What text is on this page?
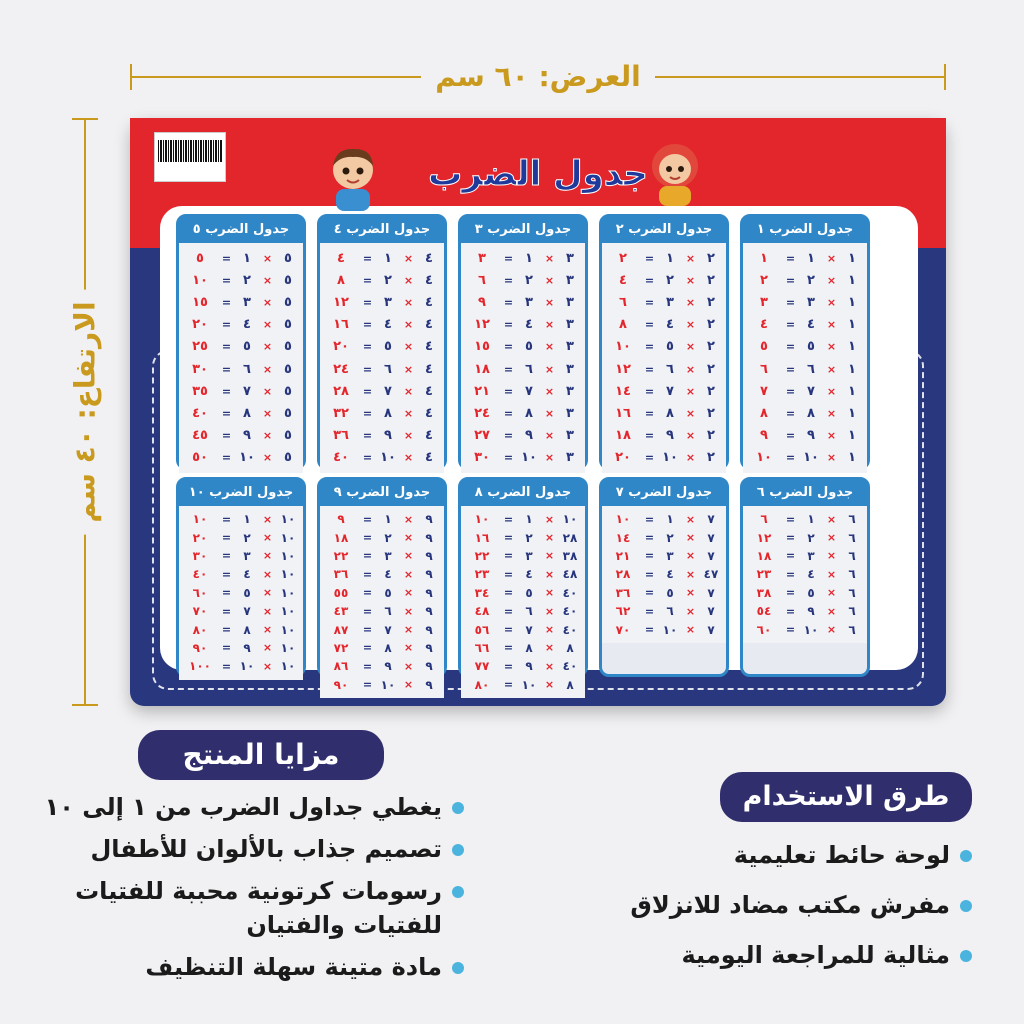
العرض: ٦٠ سم
الارتفاع: ٤٠ سم
جدول الضرب
جدول الضرب ١
١
×
١
=
١
١
×
٢
=
٢
١
×
٣
=
٣
١
×
٤
=
٤
١
×
٥
=
٥
١
×
٦
=
٦
١
×
٧
=
٧
١
×
٨
=
٨
١
×
٩
=
٩
١
×
١٠
=
١٠
جدول الضرب ٢
٢
×
١
=
٢
٢
×
٢
=
٤
٢
×
٣
=
٦
٢
×
٤
=
٨
٢
×
٥
=
١٠
٢
×
٦
=
١٢
٢
×
٧
=
١٤
٢
×
٨
=
١٦
٢
×
٩
=
١٨
٢
×
١٠
=
٢٠
جدول الضرب ٣
٣
×
١
=
٣
٣
×
٢
=
٦
٣
×
٣
=
٩
٣
×
٤
=
١٢
٣
×
٥
=
١٥
٣
×
٦
=
١٨
٣
×
٧
=
٢١
٣
×
٨
=
٢٤
٣
×
٩
=
٢٧
٣
×
١٠
=
٣٠
جدول الضرب ٤
٤
×
١
=
٤
٤
×
٢
=
٨
٤
×
٣
=
١٢
٤
×
٤
=
١٦
٤
×
٥
=
٢٠
٤
×
٦
=
٢٤
٤
×
٧
=
٢٨
٤
×
٨
=
٣٢
٤
×
٩
=
٣٦
٤
×
١٠
=
٤٠
جدول الضرب ٥
٥
×
١
=
٥
٥
×
٢
=
١٠
٥
×
٣
=
١٥
٥
×
٤
=
٢٠
٥
×
٥
=
٢٥
٥
×
٦
=
٣٠
٥
×
٧
=
٣٥
٥
×
٨
=
٤٠
٥
×
٩
=
٤٥
٥
×
١٠
=
٥٠
جدول الضرب ٦
٦
×
١
=
٦
٦
×
٢
=
١٢
٦
×
٣
=
١٨
٦
×
٤
=
٢٣
٦
×
٥
=
٣٨
٦
×
٩
=
٥٤
٦
×
١٠
=
٦٠
جدول الضرب ٧
٧
×
١
=
١٠
٧
×
٢
=
١٤
٧
×
٣
=
٢١
٤٧
×
٤
=
٢٨
٧
×
٥
=
٣٦
٧
×
٦
=
٦٢
٧
×
١٠
=
٧٠
جدول الضرب ٨
١٠
×
١
=
١٠
٢٨
×
٢
=
١٦
٣٨
×
٣
=
٢٢
٤٨
×
٤
=
٢٣
٤٠
×
٥
=
٣٤
٤٠
×
٦
=
٤٨
٤٠
×
٧
=
٥٦
٨
×
٨
=
٦٦
٤٠
×
٩
=
٧٧
٨
×
١٠
=
٨٠
جدول الضرب ٩
٩
×
١
=
٩
٩
×
٢
=
١٨
٩
×
٣
=
٢٢
٩
×
٤
=
٣٦
٩
×
٥
=
٥٥
٩
×
٦
=
٤٣
٩
×
٧
=
٨٧
٩
×
٨
=
٧٢
٩
×
٩
=
٨٦
٩
×
١٠
=
٩٠
جدول الضرب ١٠
١٠
×
١
=
١٠
١٠
×
٢
=
٢٠
١٠
×
٣
=
٣٠
١٠
×
٤
=
٤٠
١٠
×
٥
=
٦٠
١٠
×
٧
=
٧٠
١٠
×
٨
=
٨٠
١٠
×
٩
=
٩٠
١٠
×
١٠
=
١٠٠
مزايا المنتج
يغطي جداول الضرب من ١ إلى ١٠
تصميم جذاب بالألوان للأطفال
رسومات كرتونية محببة للفتيات للفتيات والفتيان
مادة متينة سهلة التنظيف
طرق الاستخدام
لوحة حائط تعليمية
مفرش مكتب مضاد للانزلاق
مثالية للمراجعة اليومية
